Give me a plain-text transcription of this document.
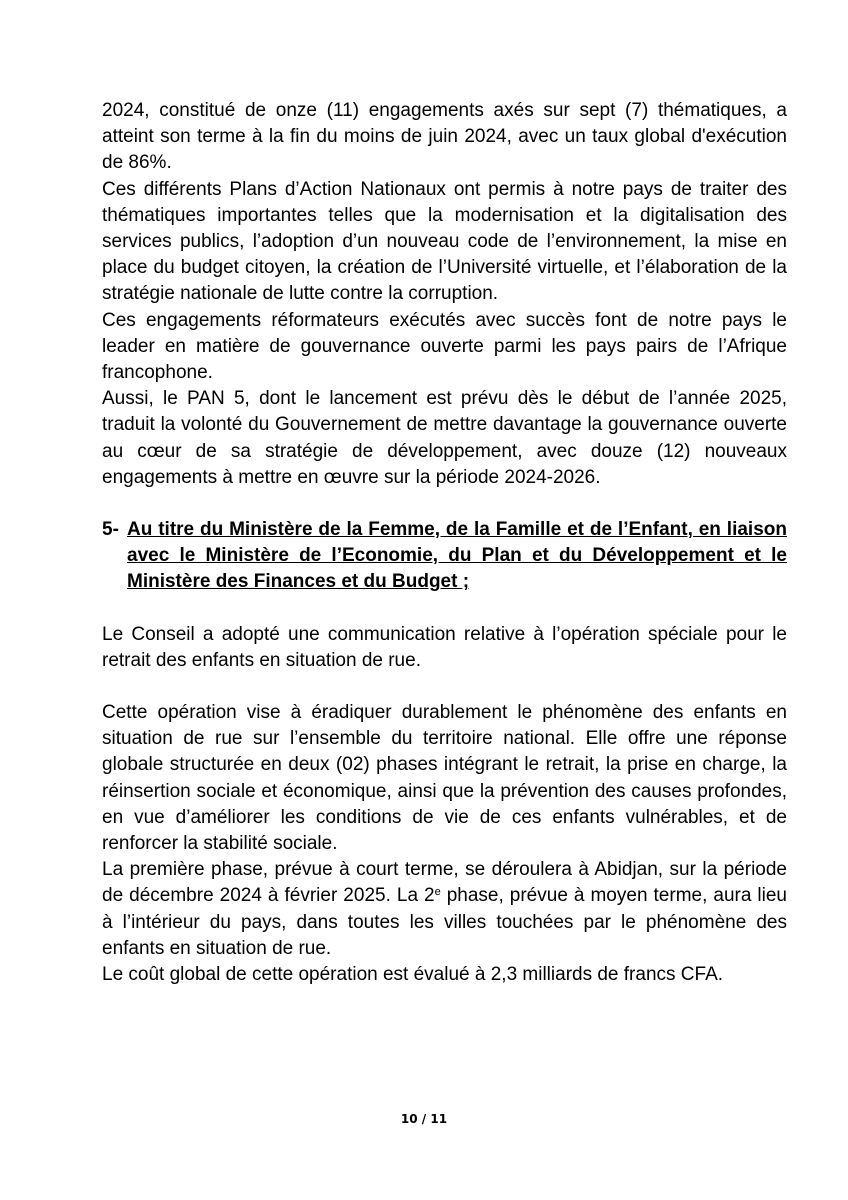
2024, constitué de onze (11) engagements axés sur sept (7) thématiques, a atteint son terme à la fin du moins de juin 2024, avec un taux global d'exécution de 86%.

Ces différents Plans d’Action Nationaux ont permis à notre pays de traiter des thématiques importantes telles que la modernisation et la digitalisation des services publics, l’adoption d’un nouveau code de l’environnement, la mise en place du budget citoyen, la création de l’Université virtuelle, et l’élaboration de la stratégie nationale de lutte contre la corruption.

Ces engagements réformateurs exécutés avec succès font de notre pays le leader en matière de gouvernance ouverte parmi les pays pairs de l’Afrique francophone.

Aussi, le PAN 5, dont le lancement est prévu dès le début de l’année 2025, traduit la volonté du Gouvernement de mettre davantage la gouvernance ouverte au cœur de sa stratégie de développement, avec douze (12) nouveaux engagements à mettre en œuvre sur la période 2024-2026.

5- Au titre du Ministère de la Femme, de la Famille et de l’Enfant, en liaison avec le Ministère de l’Economie, du Plan et du Développement et le Ministère des Finances et du Budget ;

Le Conseil a adopté une communication relative à l’opération spéciale pour le retrait des enfants en situation de rue.

Cette opération vise à éradiquer durablement le phénomène des enfants en situation de rue sur l’ensemble du territoire national. Elle offre une réponse globale structurée en deux (02) phases intégrant le retrait, la prise en charge, la réinsertion sociale et économique, ainsi que la prévention des causes profondes, en vue d’améliorer les conditions de vie de ces enfants vulnérables, et de renforcer la stabilité sociale.

La première phase, prévue à court terme, se déroulera à Abidjan, sur la période de décembre 2024 à février 2025. La 2e phase, prévue à moyen terme, aura lieu à l’intérieur du pays, dans toutes les villes touchées par le phénomène des enfants en situation de rue.

Le coût global de cette opération est évalué à 2,3 milliards de francs CFA.

10 / 11
